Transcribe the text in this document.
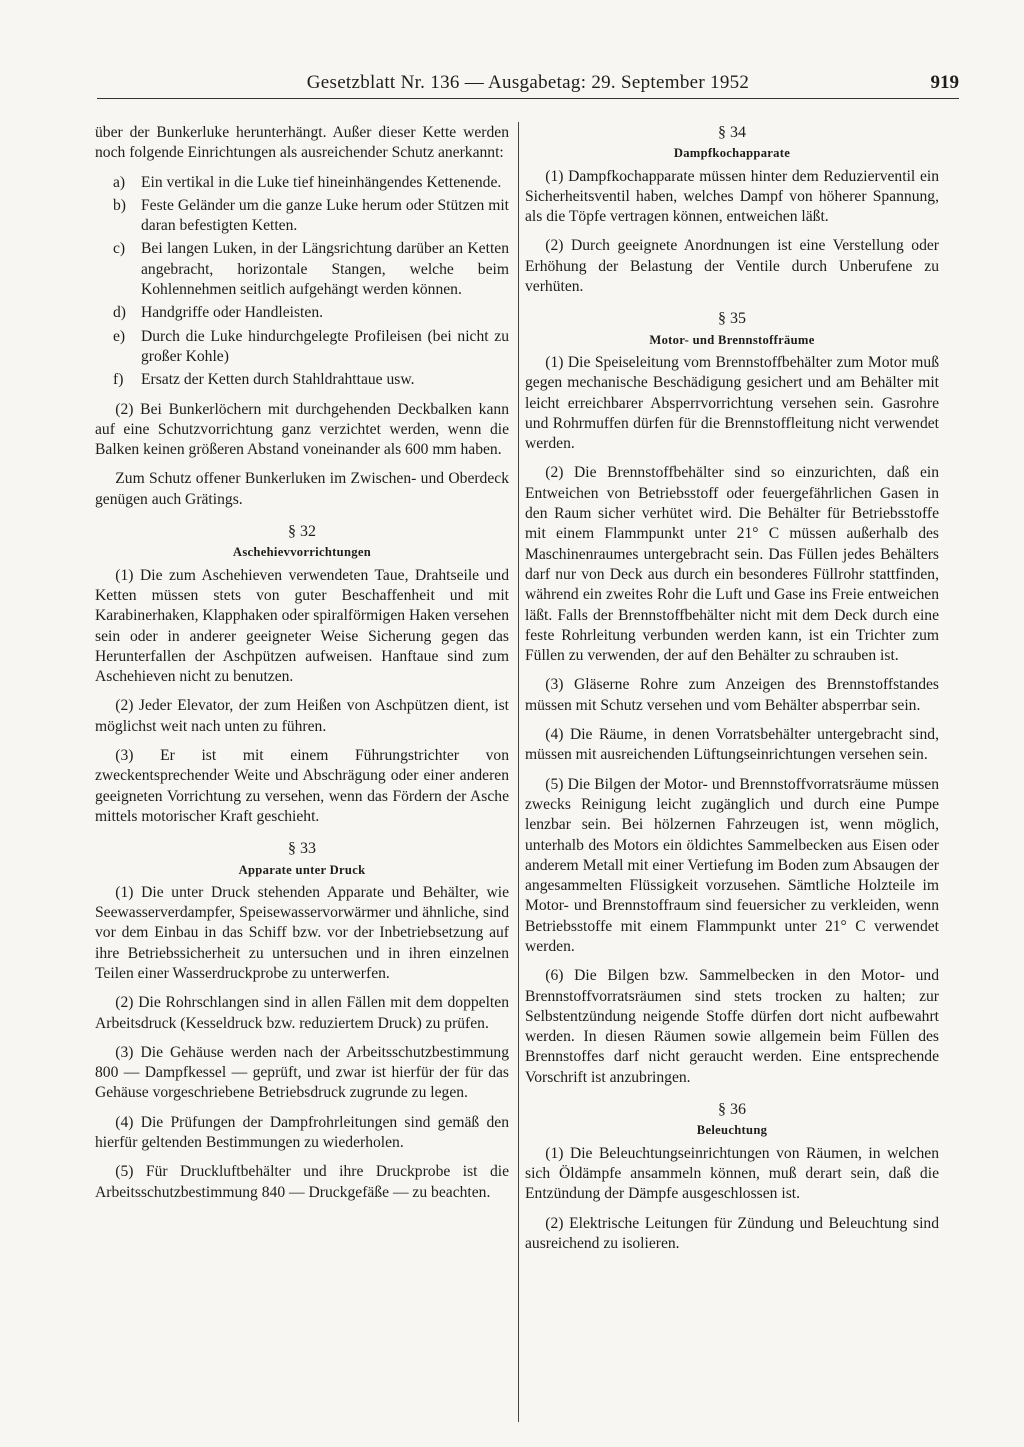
Gesetzblatt Nr. 136 — Ausgabetag: 29. September 1952	919

über der Bunkerluke herunterhängt. Außer dieser Kette werden noch folgende Einrichtungen als ausreichender Schutz anerkannt:

a)	Ein vertikal in die Luke tief hineinhängendes Kettenende.
b) Feste Geländer um die ganze Luke herum oder Stützen mit daran befestigten Ketten.
c)	Bei langen Luken, in der Längsrichtung darüber an Ketten angebracht, horizontale Stangen, welche beim Kohlennehmen seitlich aufgehängt werden können.
d) Handgriffe oder Handleisten.
e)	Durch die Luke hindurchgelegte Profileisen (bei nicht zu großer Kohle)
f)	Ersatz der Ketten durch Stahldrahttaue usw.

(2) Bei Bunkerlöchern mit durchgehenden Deckbalken kann auf eine Schutzvorrichtung ganz verzichtet werden, wenn die Balken keinen größeren Abstand voneinander als 600 mm haben.

Zum Schutz offener Bunkerluken im Zwischen- und Oberdeck genügen auch Grätings.

§ 32
Aschehievvorrichtungen

(1) Die zum Aschehieven verwendeten Taue, Drahtseile und Ketten müssen stets von guter Beschaffenheit und mit Karabinerhaken, Klapphaken oder spiralförmigen Haken versehen sein oder in anderer geeigneter Weise Sicherung gegen das Herunterfallen der Aschpützen aufweisen. Hanftaue sind zum Aschehieven nicht zu benutzen.

(2) Jeder Elevator, der zum Heißen von Aschpützen dient, ist möglichst weit nach unten zu führen.

(3) Er ist mit einem Führungstrichter von zweckentsprechender Weite und Abschrägung oder einer anderen geeigneten Vorrichtung zu versehen, wenn das Fördern der Asche mittels motorischer Kraft geschieht.

§ 33
Apparate unter Druck

(1) Die unter Druck stehenden Apparate und Behälter, wie Seewasserverdampfer, Speisewasservorwärmer und ähnliche, sind vor dem Einbau in das Schiff bzw. vor der Inbetriebsetzung auf ihre Betriebssicherheit zu untersuchen und in ihren einzelnen Teilen einer Wasserdruckprobe zu unterwerfen.

(2) Die Rohrschlangen sind in allen Fällen mit dem doppelten Arbeitsdruck (Kesseldruck bzw. reduziertem Druck) zu prüfen.

(3) Die Gehäuse werden nach der Arbeitsschutzbestimmung 800 — Dampfkessel — geprüft, und zwar ist hierfür der für das Gehäuse vorgeschriebene Betriebsdruck zugrunde zu legen.

(4) Die Prüfungen der Dampfrohrleitungen sind gemäß den hierfür geltenden Bestimmungen zu wiederholen.

(5) Für Druckluftbehälter und ihre Druckprobe ist die Arbeitsschutzbestimmung 840 — Druckgefäße — zu beachten.

§ 34
Dampfkochapparate

(1) Dampfkochapparate müssen hinter dem Reduzierventil ein Sicherheitsventil haben, welches Dampf von höherer Spannung, als die Töpfe vertragen können, entweichen läßt.

(2) Durch geeignete Anordnungen ist eine Verstellung oder Erhöhung der Belastung der Ventile durch Unberufene zu verhüten.

§ 35
Motor- und Brennstoffräume

(1) Die Speiseleitung vom Brennstoffbehälter zum Motor muß gegen mechanische Beschädigung gesichert und am Behälter mit leicht erreichbarer Absperrvorrichtung versehen sein. Gasrohre und Rohrmuffen dürfen für die Brennstoffleitung nicht verwendet werden.

(2) Die Brennstoffbehälter sind so einzurichten, daß ein Entweichen von Betriebsstoff oder feuergefährlichen Gasen in den Raum sicher verhütet wird. Die Behälter für Betriebsstoffe mit einem Flammpunkt unter 21° C müssen außerhalb des Maschinenraumes untergebracht sein. Das Füllen jedes Behälters darf nur von Deck aus durch ein besonderes Füllrohr stattfinden, während ein zweites Rohr die Luft und Gase ins Freie entweichen läßt. Falls der Brennstoffbehälter nicht mit dem Deck durch eine feste Rohrleitung verbunden werden kann, ist ein Trichter zum Füllen zu verwenden, der auf den Behälter zu schrauben ist.

(3) Gläserne Rohre zum Anzeigen des Brennstoffstandes müssen mit Schutz versehen und vom Behälter absperrbar sein.

(4) Die Räume, in denen Vorratsbehälter untergebracht sind, müssen mit ausreichenden Lüftungseinrichtungen versehen sein.

(5) Die Bilgen der Motor- und Brennstoffvorratsräume müssen zwecks Reinigung leicht zugänglich und durch eine Pumpe lenzbar sein. Bei hölzernen Fahrzeugen ist, wenn möglich, unterhalb des Motors ein öldichtes Sammelbecken aus Eisen oder anderem Metall mit einer Vertiefung im Boden zum Absaugen der angesammelten Flüssigkeit vorzusehen. Sämtliche Holzteile im Motor- und Brennstoffraum sind feuersicher zu verkleiden, wenn Betriebsstoffe mit einem Flammpunkt unter 21° C verwendet werden.

(6) Die Bilgen bzw. Sammelbecken in den Motor- und Brennstoffvorratsräumen sind stets trocken zu halten; zur Selbstentzündung neigende Stoffe dürfen dort nicht aufbewahrt werden. In diesen Räumen sowie allgemein beim Füllen des Brennstoffes darf nicht geraucht werden. Eine entsprechende Vorschrift ist anzubringen.

§ 36
Beleuchtung

(1) Die Beleuchtungseinrichtungen von Räumen, in welchen sich Öldämpfe ansammeln können, muß derart sein, daß die Entzündung der Dämpfe ausgeschlossen ist.

(2) Elektrische Leitungen für Zündung und Beleuchtung sind ausreichend zu isolieren.
